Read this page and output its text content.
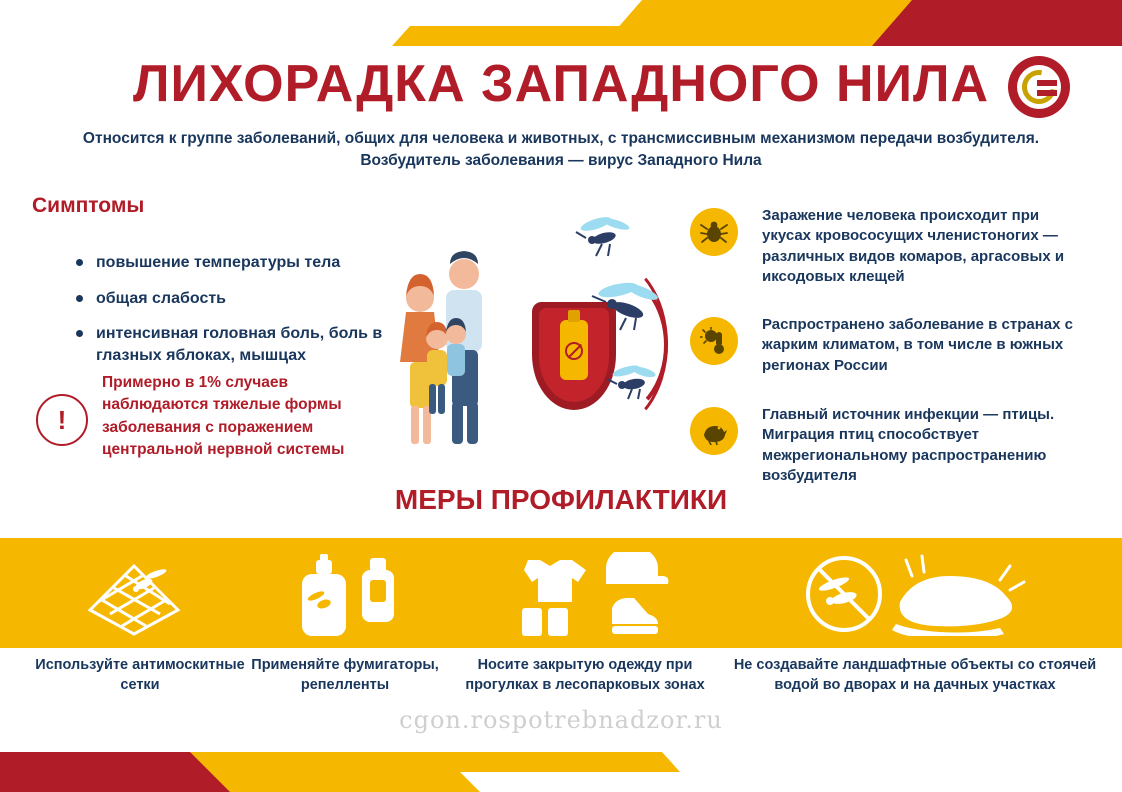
ЛИХОРАДКА ЗАПАДНОГО НИЛА
Относится к группе заболеваний, общих для человека и животных, с трансмиссивным механизмом передачи возбудителя. Возбудитель заболевания — вирус Западного Нила
Симптомы
повышение температуры тела
общая слабость
интенсивная головная боль, боль в глазных яблоках, мышцах
!
Примерно в 1% случаев наблюдаются тяжелые формы заболевания с поражением центральной нервной системы
Заражение человека происходит при укусах кровососущих членистоногих — различных видов комаров, аргасовых и иксодовых клещей
Распространено заболевание в странах с жарким климатом, в том числе в южных регионах России
Главный источник инфекции — птицы. Миграция птиц способствует межрегиональному распространению возбудителя
МЕРЫ ПРОФИЛАКТИКИ
Используйте антимоскитные сетки
Применяйте фумигаторы, репелленты
Носите закрытую одежду при прогулках в лесопарковых зонах
Не создавайте ландшафтные объекты со стоячей водой во дворах и на дачных участках
cgon.rospotrebnadzor.ru
